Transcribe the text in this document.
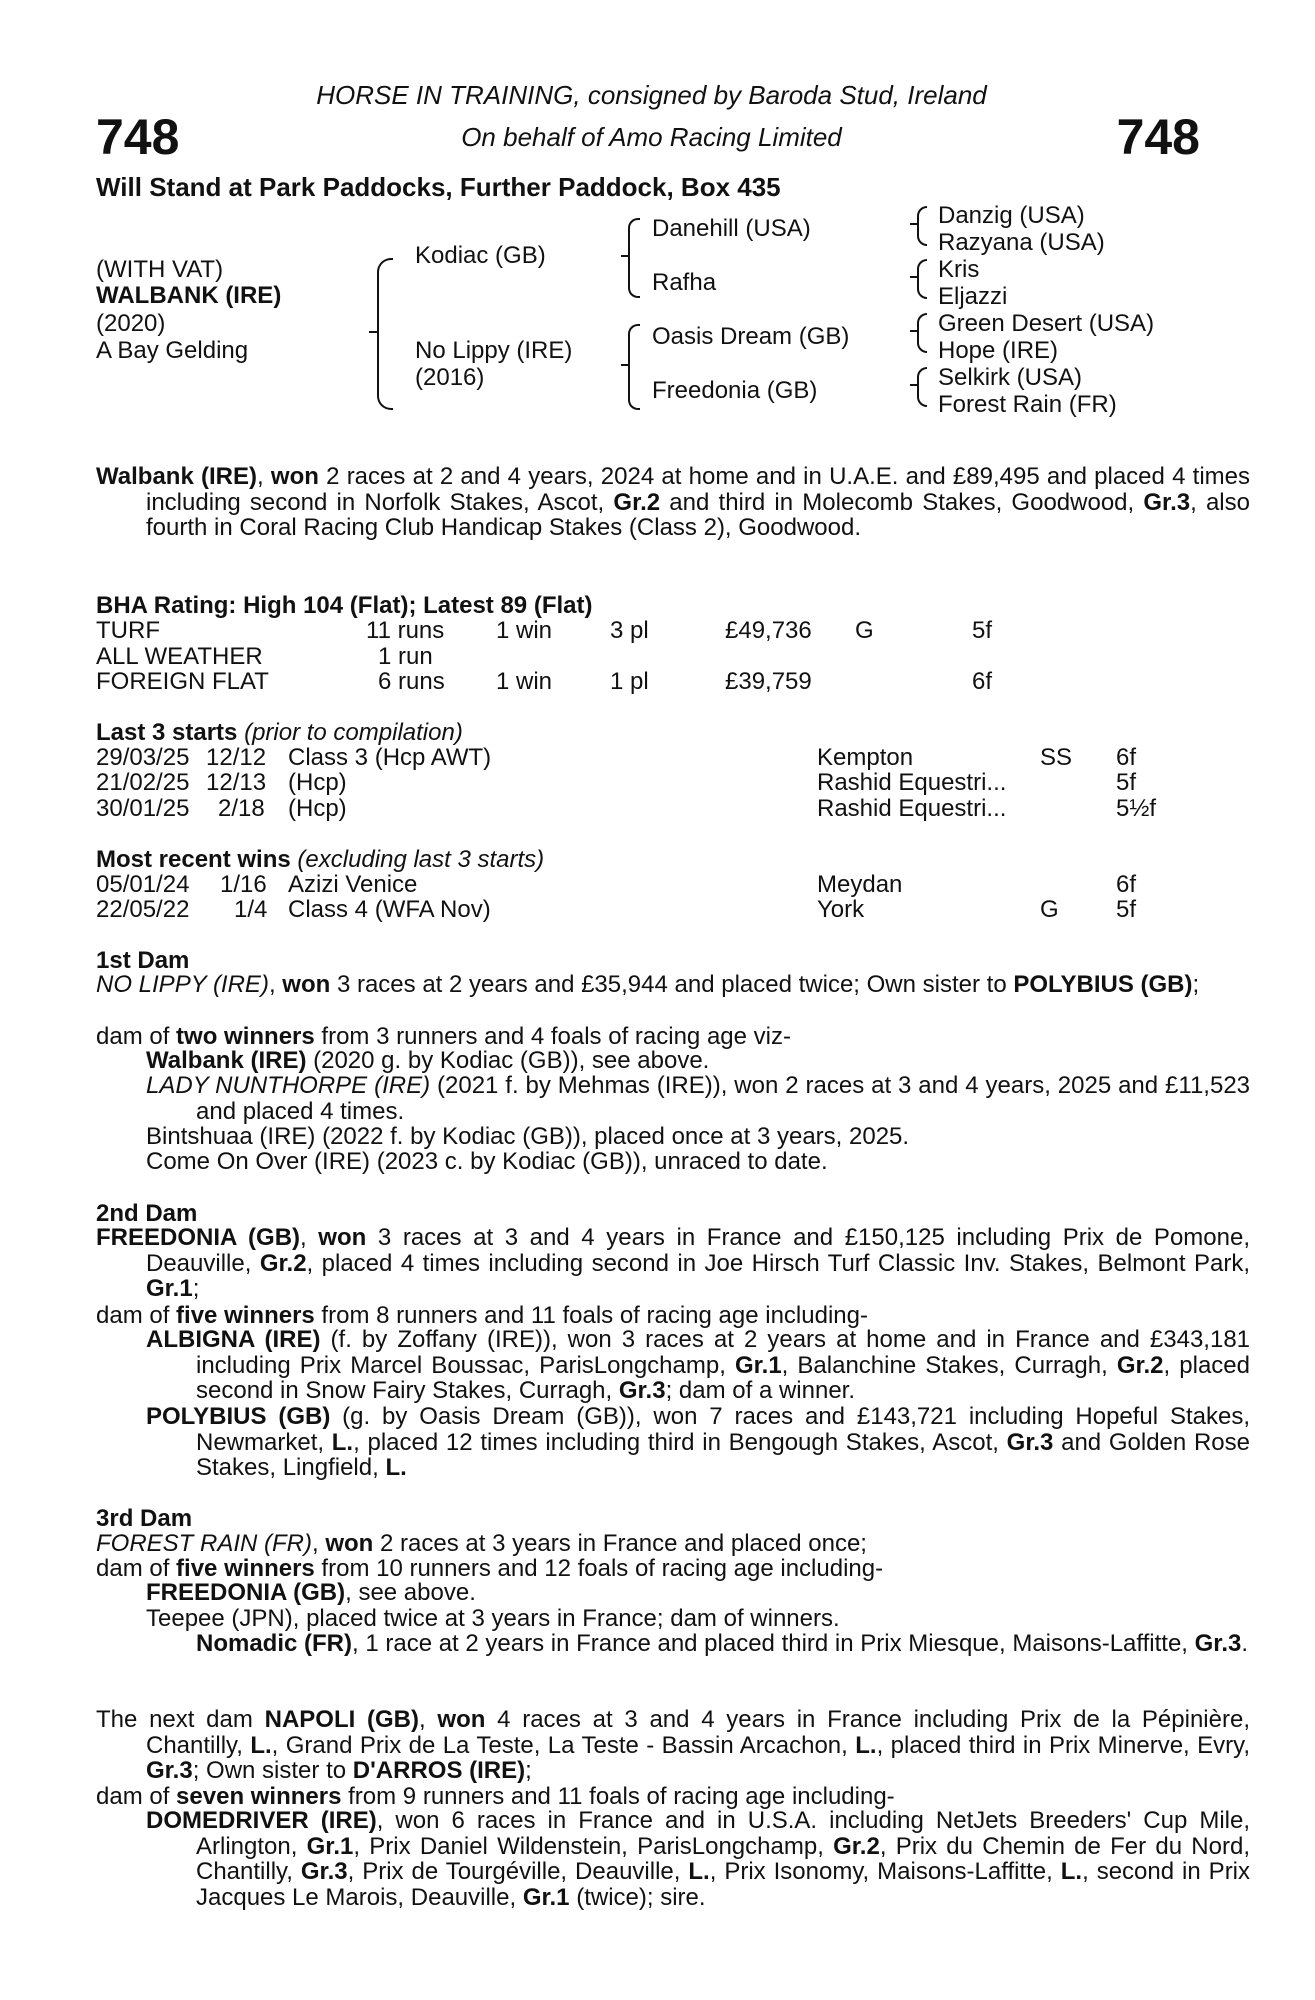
748	748
HORSE IN TRAINING, consigned by Baroda Stud, Ireland
On behalf of Amo Racing Limited
Will Stand at Park Paddocks, Further Paddock, Box 435
(WITH VAT)
WALBANK (IRE)
(2020)
A Bay Gelding
Kodiac (GB)
No Lippy (IRE)
(2016)
Danehill (USA)
Rafha
Oasis Dream (GB)
Freedonia (GB)
Danzig (USA)
Razyana (USA)
Kris
Eljazzi
Green Desert (USA)
Hope (IRE)
Selkirk (USA)
Forest Rain (FR)
Walbank (IRE), won 2 races at 2 and 4 years, 2024 at home and in U.A.E. and £89,495 and placed 4 times including second in Norfolk Stakes, Ascot, Gr.2 and third in Molecomb Stakes, Goodwood, Gr.3, also fourth in Coral Racing Club Handicap Stakes (Class 2), Goodwood.
BHA Rating: High 104 (Flat); Latest 89 (Flat)
TURF	11 runs 1 win 3 pl	£49,736 G	5f
ALL WEATHER	1 run
FOREIGN FLAT	6 runs 1 win 1 pl	£39,759	6f
Last 3 starts (prior to compilation)
29/03/25 12/12 Class 3 (Hcp AWT)	Kempton	SS 6f
21/02/25 12/13 (Hcp)	Rashid Equestri...	5f
30/01/25 2/18 (Hcp)	Rashid Equestri...	5½f
Most recent wins (excluding last 3 starts)
05/01/24 1/16 Azizi Venice	Meydan	6f
22/05/22 1/4 Class 4 (WFA Nov)	York	G 5f
1st Dam
NO LIPPY (IRE), won 3 races at 2 years and £35,944 and placed twice; Own sister to POLYBIUS (GB);
dam of two winners from 3 runners and 4 foals of racing age viz-
Walbank (IRE) (2020 g. by Kodiac (GB)), see above.
LADY NUNTHORPE (IRE) (2021 f. by Mehmas (IRE)), won 2 races at 3 and 4 years, 2025 and £11,523 and placed 4 times.
Bintshuaa (IRE) (2022 f. by Kodiac (GB)), placed once at 3 years, 2025.
Come On Over (IRE) (2023 c. by Kodiac (GB)), unraced to date.
2nd Dam
FREEDONIA (GB), won 3 races at 3 and 4 years in France and £150,125 including Prix de Pomone, Deauville, Gr.2, placed 4 times including second in Joe Hirsch Turf Classic Inv. Stakes, Belmont Park, Gr.1;
dam of five winners from 8 runners and 11 foals of racing age including-
ALBIGNA (IRE) (f. by Zoffany (IRE)), won 3 races at 2 years at home and in France and £343,181 including Prix Marcel Boussac, ParisLongchamp, Gr.1, Balanchine Stakes, Curragh, Gr.2, placed second in Snow Fairy Stakes, Curragh, Gr.3; dam of a winner.
POLYBIUS (GB) (g. by Oasis Dream (GB)), won 7 races and £143,721 including Hopeful Stakes, Newmarket, L., placed 12 times including third in Bengough Stakes, Ascot, Gr.3 and Golden Rose Stakes, Lingfield, L.
3rd Dam
FOREST RAIN (FR), won 2 races at 3 years in France and placed once;
dam of five winners from 10 runners and 12 foals of racing age including-
FREEDONIA (GB), see above.
Teepee (JPN), placed twice at 3 years in France; dam of winners.
Nomadic (FR), 1 race at 2 years in France and placed third in Prix Miesque, Maisons-Laffitte, Gr.3.
The next dam NAPOLI (GB), won 4 races at 3 and 4 years in France including Prix de la Pépinière, Chantilly, L., Grand Prix de La Teste, La Teste - Bassin Arcachon, L., placed third in Prix Minerve, Evry, Gr.3; Own sister to D'ARROS (IRE);
dam of seven winners from 9 runners and 11 foals of racing age including-
DOMEDRIVER (IRE), won 6 races in France and in U.S.A. including NetJets Breeders' Cup Mile, Arlington, Gr.1, Prix Daniel Wildenstein, ParisLongchamp, Gr.2, Prix du Chemin de Fer du Nord, Chantilly, Gr.3, Prix de Tourgéville, Deauville, L., Prix Isonomy, Maisons-Laffitte, L., second in Prix Jacques Le Marois, Deauville, Gr.1 (twice); sire.
